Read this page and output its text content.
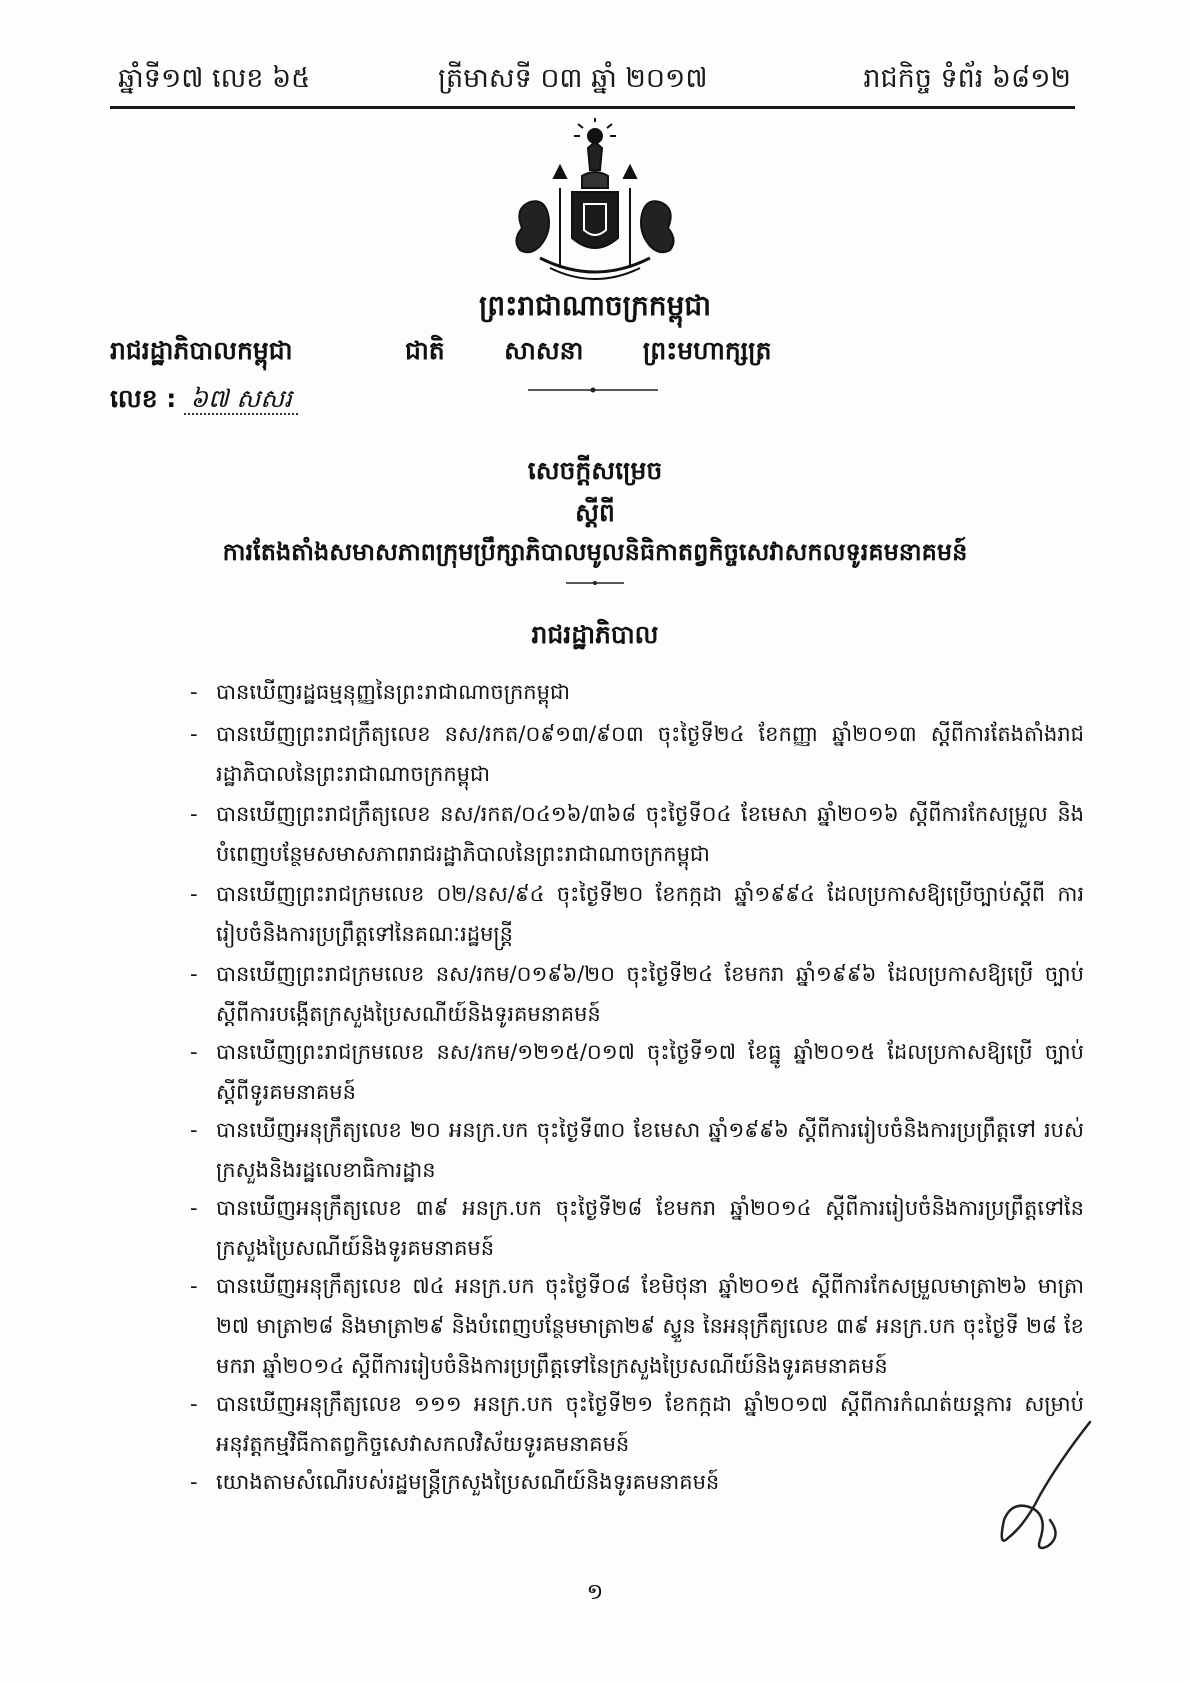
ឆ្នាំទី១៧ លេខ ៦៥	ត្រីមាសទី ០៣ ឆ្នាំ ២០១៧	រាជកិច្ច ទំព័រ ៦៨១២
ព្រះរាជាណាចក្រកម្ពុជា
រាជរដ្ឋាភិបាលកម្ពុជា	ជាតិ សាសនា ព្រះមហាក្សត្រ
លេខ : ៦៧ សសរ
សេចក្តីសម្រេច
ស្តីពី
ការតែងតាំងសមាសភាពក្រុមប្រឹក្សាភិបាលមូលនិធិកាតព្វកិច្ចសេវាសកលទូរគមនាគមន៍
រាជរដ្ឋាភិបាល
- បានឃើញរដ្ឋធម្មនុញ្ញនៃព្រះរាជាណាចក្រកម្ពុជា
- បានឃើញព្រះរាជក្រឹត្យលេខ នស/រកត/០៩១៣/៩០៣ ចុះថ្ងៃទី២៤ ខែកញ្ញា ឆ្នាំ២០១៣ ស្តីពីការតែងតាំងរាជរដ្ឋាភិបាលនៃព្រះរាជាណាចក្រកម្ពុជា
- បានឃើញព្រះរាជក្រឹត្យលេខ នស/រកត/០៤១៦/៣៦៨ ចុះថ្ងៃទី០៤ ខែមេសា ឆ្នាំ២០១៦ ស្តីពីការកែសម្រួល និងបំពេញបន្ថែមសមាសភាពរាជរដ្ឋាភិបាលនៃព្រះរាជាណាចក្រកម្ពុជា
- បានឃើញព្រះរាជក្រមលេខ ០២/នស/៩៤ ចុះថ្ងៃទី២០ ខែកក្កដា ឆ្នាំ១៩៩៤ ដែលប្រកាសឱ្យប្រើច្បាប់ស្តីពី ការរៀបចំនិងការប្រព្រឹត្តទៅនៃគណៈរដ្ឋមន្ត្រី
- បានឃើញព្រះរាជក្រមលេខ នស/រកម/០១៩៦/២០ ចុះថ្ងៃទី២៤ ខែមករា ឆ្នាំ១៩៩៦ ដែលប្រកាសឱ្យប្រើ ច្បាប់ស្តីពីការបង្កើតក្រសួងប្រៃសណីយ៍និងទូរគមនាគមន៍
- បានឃើញព្រះរាជក្រមលេខ នស/រកម/១២១៥/០១៧ ចុះថ្ងៃទី១៧ ខែធ្នូ ឆ្នាំ២០១៥ ដែលប្រកាសឱ្យប្រើ ច្បាប់ស្តីពីទូរគមនាគមន៍
- បានឃើញអនុក្រឹត្យលេខ ២០ អនក្រ.បក ចុះថ្ងៃទី៣០ ខែមេសា ឆ្នាំ១៩៩៦ ស្តីពីការរៀបចំនិងការប្រព្រឹត្តទៅ របស់ក្រសួងនិងរដ្ឋលេខាធិការដ្ឋាន
- បានឃើញអនុក្រឹត្យលេខ ៣៩ អនក្រ.បក ចុះថ្ងៃទី២៨ ខែមករា ឆ្នាំ២០១៤ ស្តីពីការរៀបចំនិងការប្រព្រឹត្តទៅនៃ ក្រសួងប្រៃសណីយ៍និងទូរគមនាគមន៍
- បានឃើញអនុក្រឹត្យលេខ ៧៤ អនក្រ.បក ចុះថ្ងៃទី០៨ ខែមិថុនា ឆ្នាំ២០១៥ ស្តីពីការកែសម្រួលមាត្រា២៦ មាត្រា ២៧ មាត្រា២៨ និងមាត្រា២៩ និងបំពេញបន្ថែមមាត្រា២៩ ស្ទួន នៃអនុក្រឹត្យលេខ ៣៩ អនក្រ.បក ចុះថ្ងៃទី ២៨ ខែមករា ឆ្នាំ២០១៤ ស្តីពីការរៀបចំនិងការប្រព្រឹត្តទៅនៃក្រសួងប្រៃសណីយ៍និងទូរគមនាគមន៍
- បានឃើញអនុក្រឹត្យលេខ ១១១ អនក្រ.បក ចុះថ្ងៃទី២១ ខែកក្កដា ឆ្នាំ២០១៧ ស្តីពីការកំណត់យន្តការ សម្រាប់អនុវត្តកម្មវិធីកាតព្វកិច្ចសេវាសកលវិស័យទូរគមនាគមន៍
- យោងតាមសំណើរបស់រដ្ឋមន្ត្រីក្រសួងប្រៃសណីយ៍និងទូរគមនាគមន៍
១
